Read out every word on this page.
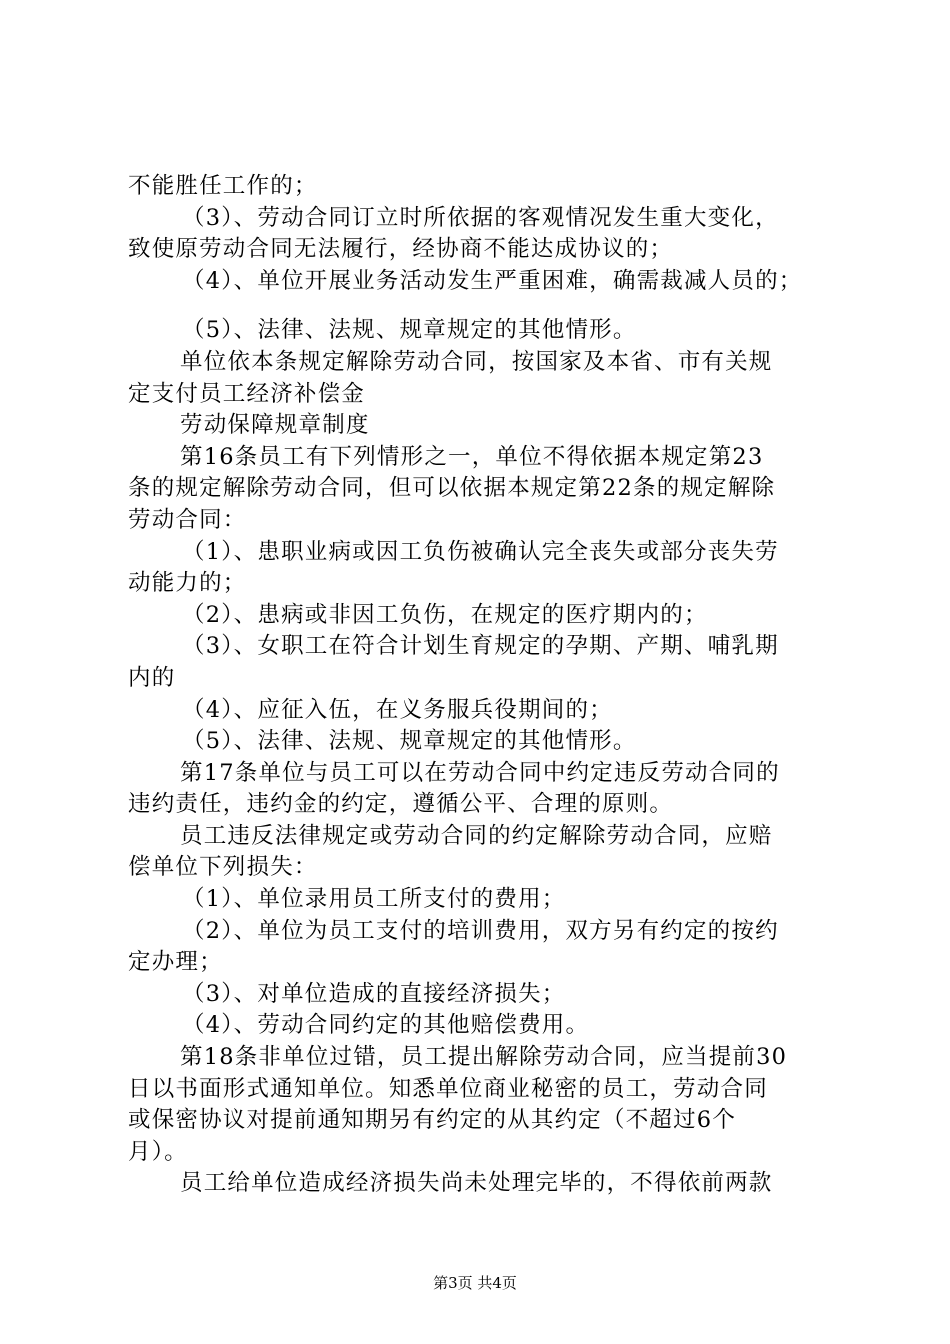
不能胜任工作的；
（3）、劳动合同订立时所依据的客观情况发生重大变化，
致使原劳动合同无法履行，经协商不能达成协议的；
（4）、单位开展业务活动发生严重困难，确需裁减人员的；
（5）、法律、法规、规章规定的其他情形。
单位依本条规定解除劳动合同，按国家及本省、市有关规
定支付员工经济补偿金
劳动保障规章制度
第16条员工有下列情形之一，单位不得依据本规定第23
条的规定解除劳动合同，但可以依据本规定第22条的规定解除
劳动合同：
（1）、患职业病或因工负伤被确认完全丧失或部分丧失劳
动能力的；
（2）、患病或非因工负伤，在规定的医疗期内的；
（3）、女职工在符合计划生育规定的孕期、产期、哺乳期
内的
（4）、应征入伍，在义务服兵役期间的；
（5）、法律、法规、规章规定的其他情形。
第17条单位与员工可以在劳动合同中约定违反劳动合同的
违约责任，违约金的约定，遵循公平、合理的原则。
员工违反法律规定或劳动合同的约定解除劳动合同，应赔
偿单位下列损失：
（1）、单位录用员工所支付的费用；
（2）、单位为员工支付的培训费用，双方另有约定的按约
定办理；
（3）、对单位造成的直接经济损失；
（4）、劳动合同约定的其他赔偿费用。
第18条非单位过错，员工提出解除劳动合同，应当提前30
日以书面形式通知单位。知悉单位商业秘密的员工，劳动合同
或保密协议对提前通知期另有约定的从其约定（不超过6个
月）。
员工给单位造成经济损失尚未处理完毕的，不得依前两款
第3页 共4页
